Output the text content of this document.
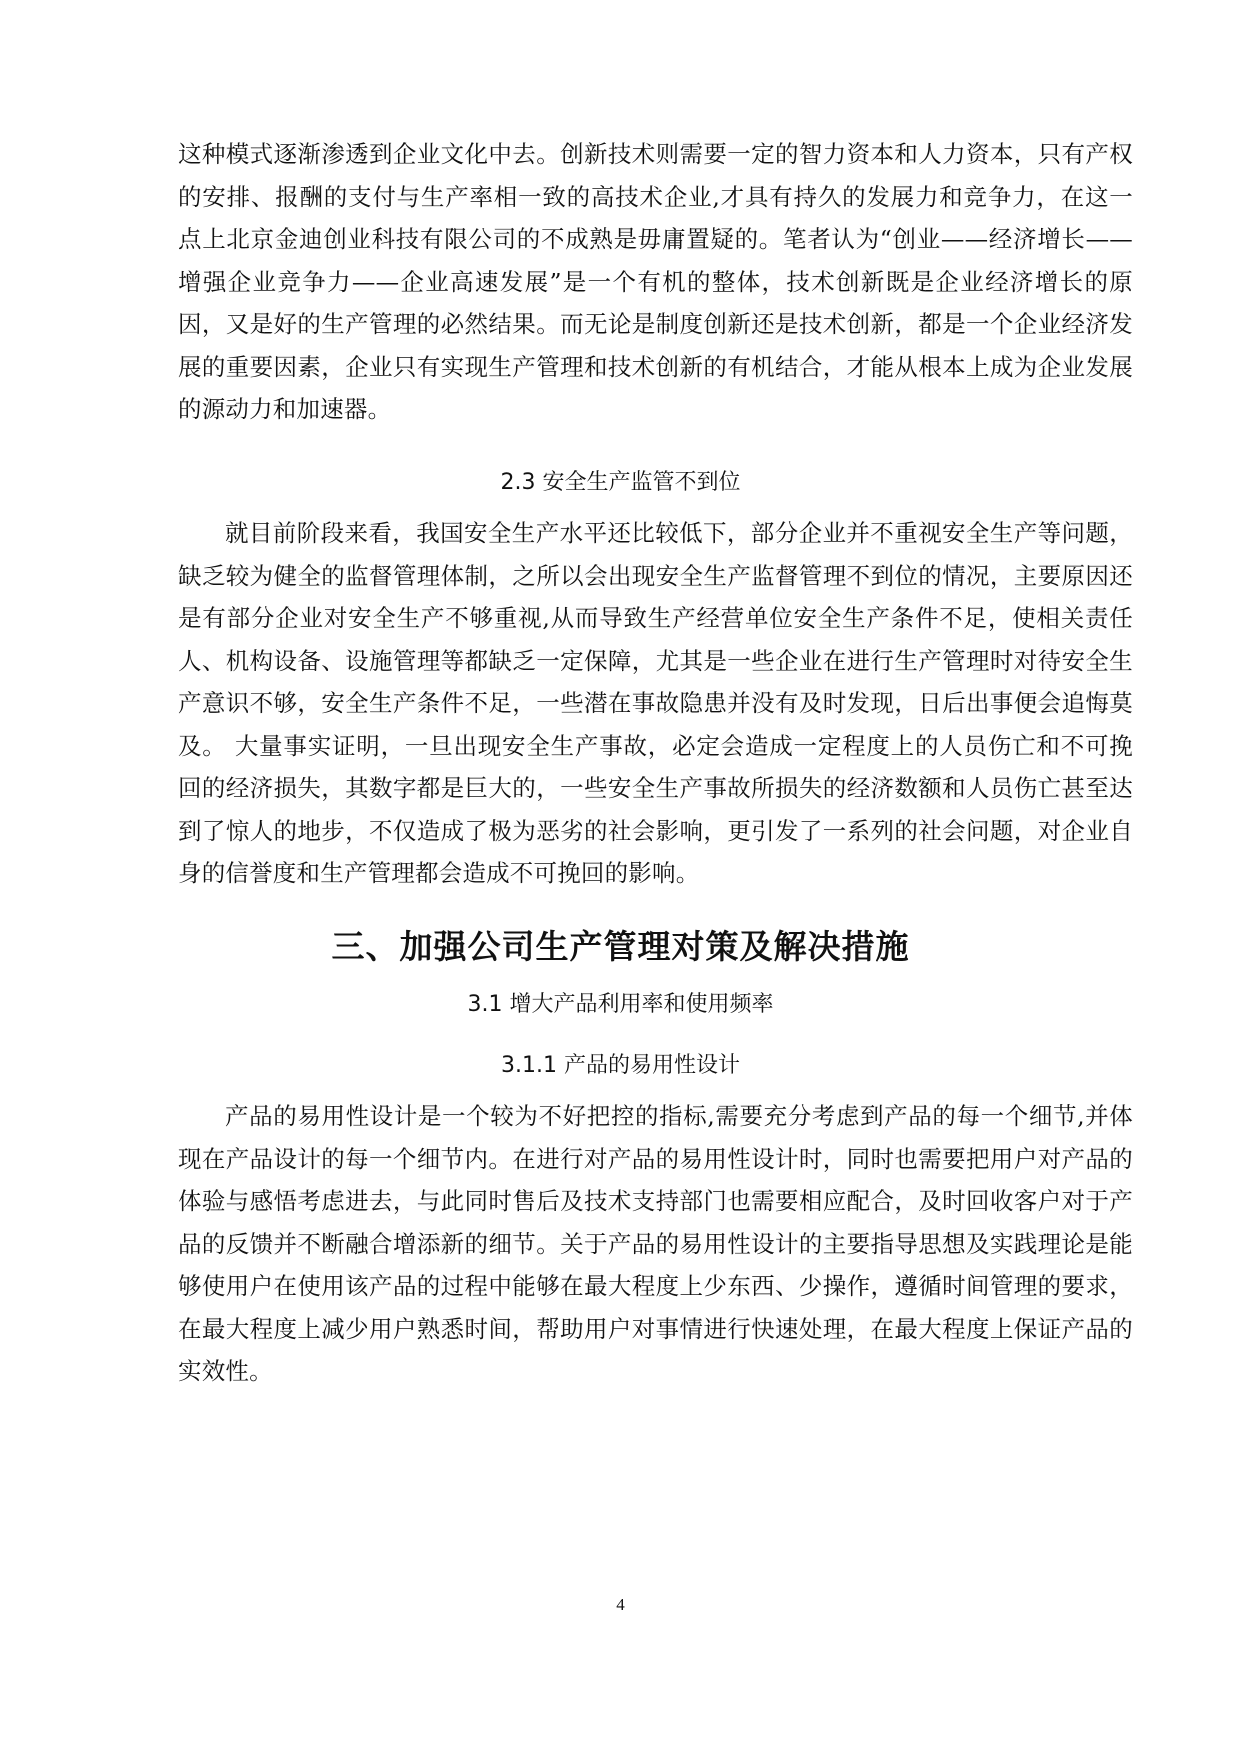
这种模式逐渐渗透到企业文化中去。创新技术则需要一定的智力资本和人力资本，只有产权的安排、报酬的支付与生产率相一致的高技术企业,才具有持久的发展力和竞争力，在这一点上北京金迪创业科技有限公司的不成熟是毋庸置疑的。笔者认为“创业——经济增长——增强企业竞争力——企业高速发展”是一个有机的整体，技术创新既是企业经济增长的原因，又是好的生产管理的必然结果。而无论是制度创新还是技术创新，都是一个企业经济发展的重要因素，企业只有实现生产管理和技术创新的有机结合，才能从根本上成为企业发展的源动力和加速器。

2.3 安全生产监管不到位

就目前阶段来看，我国安全生产水平还比较低下，部分企业并不重视安全生产等问题，缺乏较为健全的监督管理体制，之所以会出现安全生产监督管理不到位的情况，主要原因还是有部分企业对安全生产不够重视,从而导致生产经营单位安全生产条件不足，使相关责任人、机构设备、设施管理等都缺乏一定保障，尤其是一些企业在进行生产管理时对待安全生产意识不够，安全生产条件不足，一些潜在事故隐患并没有及时发现，日后出事便会追悔莫及。 大量事实证明，一旦出现安全生产事故，必定会造成一定程度上的人员伤亡和不可挽回的经济损失，其数字都是巨大的，一些安全生产事故所损失的经济数额和人员伤亡甚至达到了惊人的地步，不仅造成了极为恶劣的社会影响，更引发了一系列的社会问题，对企业自身的信誉度和生产管理都会造成不可挽回的影响。

三、加强公司生产管理对策及解决措施
3.1 增大产品利用率和使用频率
3.1.1 产品的易用性设计

产品的易用性设计是一个较为不好把控的指标,需要充分考虑到产品的每一个细节,并体现在产品设计的每一个细节内。在进行对产品的易用性设计时，同时也需要把用户对产品的体验与感悟考虑进去，与此同时售后及技术支持部门也需要相应配合，及时回收客户对于产品的反馈并不断融合增添新的细节。关于产品的易用性设计的主要指导思想及实践理论是能够使用户在使用该产品的过程中能够在最大程度上少东西、少操作，遵循时间管理的要求，在最大程度上减少用户熟悉时间，帮助用户对事情进行快速处理，在最大程度上保证产品的实效性。

4
